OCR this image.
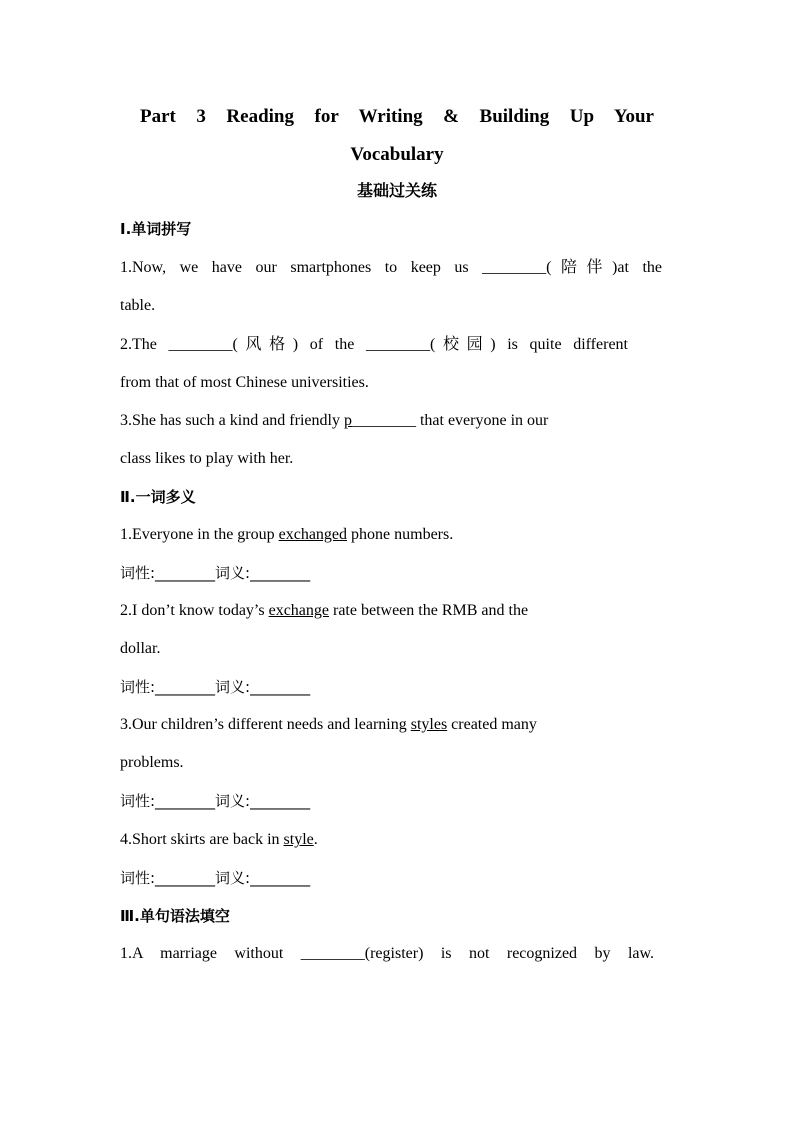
Part 3 Reading for Writing & Building Up Your
Vocabulary
基础过关练
Ⅰ.单词拼写
1.Now, we have our smartphones to keep us ________(陪伴)at the
table.
2.The ________(风格) of the ________(校园) is quite different
from that of most Chinese universities.
3.She has such a kind and friendly p________ that everyone in our
class likes to play with her.
Ⅱ.一词多义
1.Everyone in the group exchanged phone numbers.
词性:________词义:________
2.I don’t know today’s exchange rate between the RMB and the
dollar.
词性:________词义:________
3.Our children’s different needs and learning styles created many
problems.
词性:________词义:________
4.Short skirts are back in style.
词性:________词义:________
Ⅲ.单句语法填空
1.A marriage without ________(register) is not recognized by law.
